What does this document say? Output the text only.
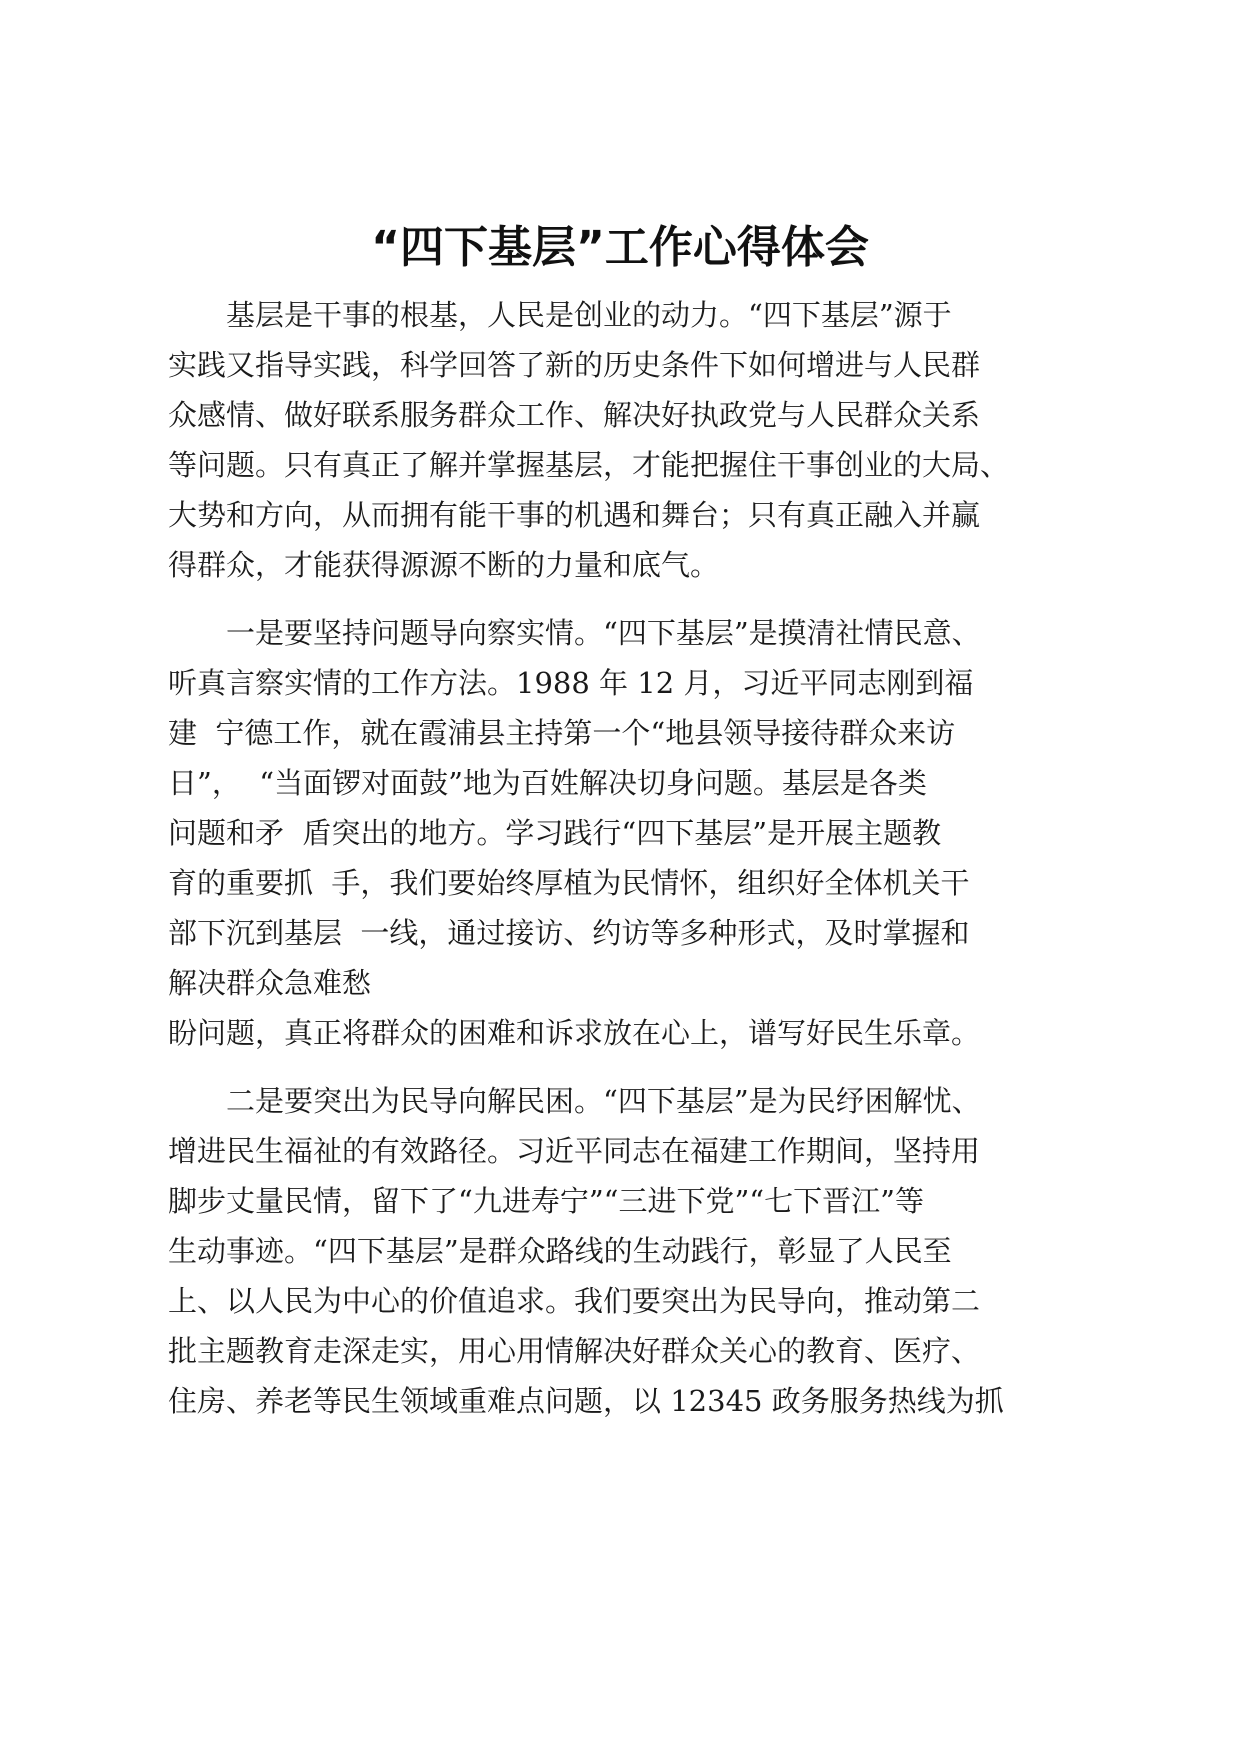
“四下基层”工作心得体会
　　基层是干事的根基，人民是创业的动力。“四下基层”源于
实践又指导实践，科学回答了新的历史条件下如何增进与人民群
众感情、做好联系服务群众工作、解决好执政党与人民群众关系
等问题。只有真正了解并掌握基层，才能把握住干事创业的大局、
大势和方向，从而拥有能干事的机遇和舞台；只有真正融入并赢
得群众，才能获得源源不断的力量和底气。
　　一是要坚持问题导向察实情。“四下基层”是摸清社情民意、
听真言察实情的工作方法。1988 年 12 月，习近平同志刚到福
建  宁德工作，就在霞浦县主持第一个“地县领导接待群众来访
日”，  “当面锣对面鼓”地为百姓解决切身问题。基层是各类
问题和矛  盾突出的地方。学习践行“四下基层”是开展主题教
育的重要抓  手，我们要始终厚植为民情怀，组织好全体机关干
部下沉到基层  一线，通过接访、约访等多种形式，及时掌握和
解决群众急难愁
盼问题，真正将群众的困难和诉求放在心上，谱写好民生乐章。
　　二是要突出为民导向解民困。“四下基层”是为民纾困解忧、
增进民生福祉的有效路径。习近平同志在福建工作期间，坚持用
脚步丈量民情，留下了“九进寿宁”“三进下党”“七下晋江”等
生动事迹。“四下基层”是群众路线的生动践行，彰显了人民至
上、以人民为中心的价值追求。我们要突出为民导向，推动第二
批主题教育走深走实，用心用情解决好群众关心的教育、医疗、
住房、养老等民生领域重难点问题，以 12345 政务服务热线为抓
